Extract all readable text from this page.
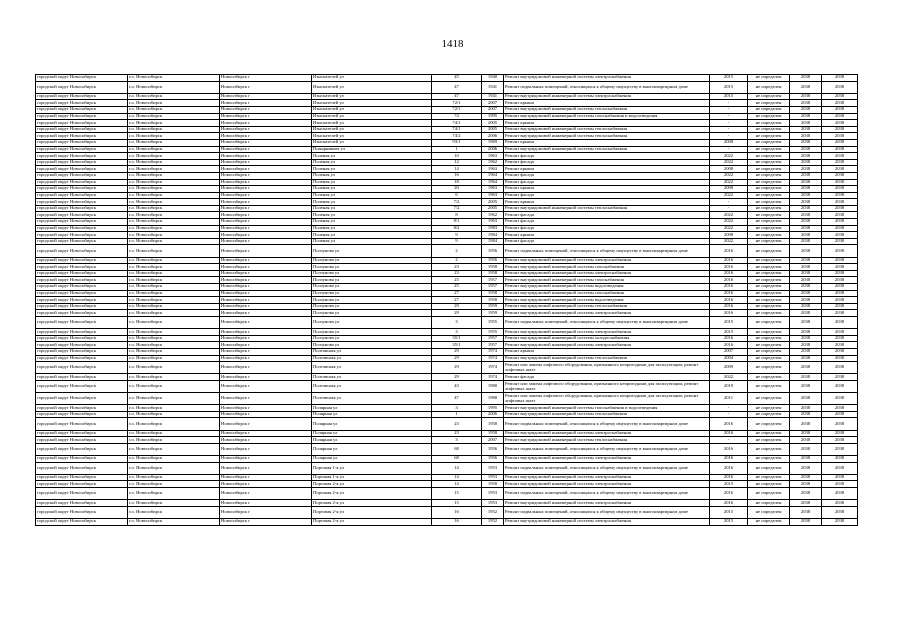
1418
городской округ Новосибирск	г.о. Новосибирск	Новосибирск г	Изыскателей ул	45	1940	Ремонт внутридомовой инженерной системы электроснабжения	2015	не определен	2038	2038
городской округ Новосибирск	г.о. Новосибирск	Новосибирск г	Изыскателей ул	47	1941	Ремонт подвальных помещений, относящихся к общему имуществу в многоквартирном доме	2015	не определен	2038	2038
городской округ Новосибирск	г.о. Новосибирск	Новосибирск г	Изыскателей ул	47	1941	Ремонт внутридомовой инженерной системы электроснабжения	2015	не определен	2038	2038
городской округ Новосибирск	г.о. Новосибирск	Новосибирск г	Изыскателей ул	72/1	2007	Ремонт крыши	-	не определен	2038	2038
городской округ Новосибирск	г.о. Новосибирск	Новосибирск г	Изыскателей ул	72/1	2007	Ремонт внутридомовой инженерной системы теплоснабжения	-	не определен	2038	2038
городской округ Новосибирск	г.о. Новосибирск	Новосибирск г	Изыскателей ул	74	1995	Ремонт внутридомовой инженерной системы газоснабжения и водоотведения	-	не определен	2038	2038
городской округ Новосибирск	г.о. Новосибирск	Новосибирск г	Изыскателей ул	74/1	2005	Ремонт крыши	-	не определен	2038	2038
городской округ Новосибирск	г.о. Новосибирск	Новосибирск г	Изыскателей ул	74/1	2005	Ремонт внутридомовой инженерной системы теплоснабжения	-	не определен	2038	2038
городской округ Новосибирск	г.о. Новосибирск	Новосибирск г	Изыскателей ул	74/2	2006	Ремонт внутридомовой инженерной системы теплоснабжения	-	не определен	2038	2038
городской округ Новосибирск	г.о. Новосибирск	Новосибирск г	Изыскателей ул	93/1	1969	Ремонт крыши	2008	не определен	2038	2038
городской округ Новосибирск	г.о. Новосибирск	Новосибирск г	Пожарникова ул	1	2006	Ремонт внутридомовой инженерной системы теплоснабжения	-	не определен	2038	2038
городской округ Новосибирск	г.о. Новосибирск	Новосибирск г	Поленая ул	10	1963	Ремонт фасада	2022	не определен	2038	2038
городской округ Новосибирск	г.о. Новосибирск	Новосибирск г	Поленая ул	12	1962	Ремонт фасада	2022	не определен	2038	2038
городской округ Новосибирск	г.о. Новосибирск	Новосибирск г	Поленая ул	14	1963	Ремонт крыши	2008	не определен	2038	2038
городской округ Новосибирск	г.о. Новосибирск	Новосибирск г	Поленая ул	16	1964	Ремонт фасада	2022	не определен	2038	2038
городской округ Новосибирск	г.о. Новосибирск	Новосибирск г	Поленая ул	18	1964	Ремонт фасада	2022	не определен	2038	2038
городской округ Новосибирск	г.о. Новосибирск	Новосибирск г	Поленая ул	20	1963	Ремонт крыши	2008	не определен	2038	2038
городской округ Новосибирск	г.о. Новосибирск	Новосибирск г	Поленая ул	6	1963	Ремонт фасада	2022	не определен	2038	2038
городской округ Новосибирск	г.о. Новосибирск	Новосибирск г	Поленая ул	7/2	2005	Ремонт крыши	-	не определен	2038	2038
городской округ Новосибирск	г.о. Новосибирск	Новосибирск г	Поленая ул	7/2	2005	Ремонт внутридомовой инженерной системы теплоснабжения	-	не определен	2038	2038
городской округ Новосибирск	г.о. Новосибирск	Новосибирск г	Поленая ул	8	1962	Ремонт фасада	2022	не определен	2038	2038
городской округ Новосибирск	г.о. Новосибирск	Новосибирск г	Поленая ул	8/1	1963	Ремонт фасада	2022	не определен	2038	2038
городской округ Новосибирск	г.о. Новосибирск	Новосибирск г	Поленая ул	8/2	1983	Ремонт фасада	2022	не определен	2038	2038
городской округ Новосибирск	г.о. Новосибирск	Новосибирск г	Поленая ул	9	1984	Ремонт крыши	2008	не определен	2038	2038
городской округ Новосибирск	г.о. Новосибирск	Новосибирск г	Поленая ул	9	1984	Ремонт фасада	2022	не определен	2038	2038
городской округ Новосибирск	г.о. Новосибирск	Новосибирск г	Ползунова ул	2	1956	Ремонт подвальных помещений, относящихся к общему имуществу в многоквартирном доме	2016	не определен	2038	2038
городской округ Новосибирск	г.о. Новосибирск	Новосибирск г	Ползунова ул	2	1956	Ремонт внутридомовой инженерной системы электроснабжения	2016	не определен	2038	2038
городской округ Новосибирск	г.о. Новосибирск	Новосибирск г	Ползунова ул	23	1958	Ремонт внутридомовой инженерной системы газоснабжения	2016	не определен	2038	2038
городской округ Новосибирск	г.о. Новосибирск	Новосибирск г	Ползунова ул	23	1958	Ремонт внутридомовой инженерной системы электроснабжения	2016	не определен	2038	2038
городской округ Новосибирск	г.о. Новосибирск	Новосибирск г	Ползунова ул	25	1957	Ремонт внутридомовой инженерной системы газоснабжения	2016	не определен	2038	2038
городской округ Новосибирск	г.о. Новосибирск	Новосибирск г	Ползунова ул	25	1957	Ремонт внутридомовой инженерной системы водоотведения	2016	не определен	2038	2038
городской округ Новосибирск	г.о. Новосибирск	Новосибирск г	Ползунова ул	27	1958	Ремонт внутридомовой инженерной системы газоснабжения	2016	не определен	2038	2038
городской округ Новосибирск	г.о. Новосибирск	Новосибирск г	Ползунова ул	27	1958	Ремонт внутридомовой инженерной системы водоотведения	2016	не определен	2038	2038
городской округ Новосибирск	г.о. Новосибирск	Новосибирск г	Ползунова ул	29	1959	Ремонт внутридомовой инженерной системы теплоснабжения	2016	не определен	2038	2038
городской округ Новосибирск	г.о. Новосибирск	Новосибирск г	Ползунова ул	29	1959	Ремонт внутридомовой инженерной системы электроснабжения	2016	не определен	2038	2038
городской округ Новосибирск	г.о. Новосибирск	Новосибирск г	Ползунова ул	3	1955	Ремонт подвальных помещений, относящихся к общему имуществу в многоквартирном доме	2015	не определен	2038	2038
городской округ Новосибирск	г.о. Новосибирск	Новосибирск г	Ползунова ул	3	1955	Ремонт внутридомовой инженерной системы электроснабжения	2015	не определен	2038	2038
городской округ Новосибирск	г.о. Новосибирск	Новосибирск г	Ползунова ул	35/1	1957	Ремонт внутридомовой инженерной системы холодоснабжения	2016	не определен	2038	2038
городской округ Новосибирск	г.о. Новосибирск	Новосибирск г	Ползунова ул	35/1	1957	Ремонт внутридомовой инженерной системы электроснабжения	2016	не определен	2038	2038
городской округ Новосибирск	г.о. Новосибирск	Новосибирск г	Полтавская ул	29	1974	Ремонт крыши	2007	не определен	2038	2038
городской округ Новосибирск	г.о. Новосибирск	Новосибирск г	Полтавская ул	29	1974	Ремонт внутридомовой инженерной системы теплоснабжения	2004	не определен	2038	2038
городской округ Новосибирск	г.о. Новосибирск	Новосибирск г	Полтавская ул	29	1974	Ремонт или замена лифтового оборудования, признанного непригодным для эксплуатации, ремонт лифтовых шахт	2009	не определен	2038	2038
городской округ Новосибирск	г.о. Новосибирск	Новосибирск г	Полтавская ул	29	1974	Ремонт фасада	2022	не определен	2038	2038
городской округ Новосибирск	г.о. Новосибирск	Новосибирск г	Полтавская ул	43	1980	Ремонт или замена лифтового оборудования, признанного непригодным для эксплуатации, ремонт лифтовых шахт	2010	не определен	2038	2038
городской округ Новосибирск	г.о. Новосибирск	Новосибирск г	Полтавская ул	47	1980	Ремонт или замена лифтового оборудования, признанного непригодным для эксплуатации, ремонт лифтовых шахт	2011	не определен	2038	2038
городской округ Новосибирск	г.о. Новосибирск	Новосибирск г	Полярная ул	3	1995	Ремонт внутридомовой инженерной системы газоснабжения и водоотведения	-	не определен	2038	2038
городской округ Новосибирск	г.о. Новосибирск	Новосибирск г	Полярная ул	1	2006	Ремонт внутридомовой инженерной системы теплоснабжения	-	не определен	2038	2038
городской округ Новосибирск	г.о. Новосибирск	Новосибирск г	Полярная ул	23	1958	Ремонт подвальных помещений, относящихся к общему имуществу в многоквартирном доме	2016	не определен	2038	2038
городской округ Новосибирск	г.о. Новосибирск	Новосибирск г	Полярная ул	23	1958	Ремонт внутридомовой инженерной системы электроснабжения	2016	не определен	2038	2038
городской округ Новосибирск	г.о. Новосибирск	Новосибирск г	Полярная ул	3	2007	Ремонт внутридомовой инженерной системы теплоснабжения	-	не определен	2038	2038
городской округ Новосибирск	г.о. Новосибирск	Новосибирск г	Полярная ул	68	1956	Ремонт подвальных помещений, относящихся к общему имуществу в многоквартирном доме	2016	не определен	2038	2038
городской округ Новосибирск	г.о. Новосибирск	Новосибирск г	Полярная ул	68	1956	Ремонт внутридомовой инженерной системы электроснабжения	2016	не определен	2038	2038
городской округ Новосибирск	г.о. Новосибирск	Новосибирск г	Портовая 1-я ул	14	1953	Ремонт подвальных помещений, относящихся к общему имуществу в многоквартирном доме	2016	не определен	2038	2038
городской округ Новосибирск	г.о. Новосибирск	Новосибирск г	Портовая 1-я ул	14	1953	Ремонт внутридомовой инженерной системы электроснабжения	2016	не определен	2038	2038
городской округ Новосибирск	г.о. Новосибирск	Новосибирск г	Портовая 2-я ул	14	1958	Ремонт внутридомовой инженерной системы электроснабжения	2015	не определен	2038	2038
городской округ Новосибирск	г.о. Новосибирск	Новосибирск г	Портовая 2-я ул	15	1953	Ремонт подвальных помещений, относящихся к общему имуществу в многоквартирном доме	2016	не определен	2038	2038
городской округ Новосибирск	г.о. Новосибирск	Новосибирск г	Портовая 2-я ул	15	1953	Ремонт внутридомовой инженерной системы электроснабжения	2016	не определен	2038	2038
городской округ Новосибирск	г.о. Новосибирск	Новосибирск г	Портовая 2-я ул	16	1952	Ремонт подвальных помещений, относящихся к общему имуществу в многоквартирном доме	2015	не определен	2038	2038
городской округ Новосибирск	г.о. Новосибирск	Новосибирск г	Портовая 2-я ул	16	1952	Ремонт внутридомовой инженерной системы электроснабжения	2015	не определен	2038	2038
